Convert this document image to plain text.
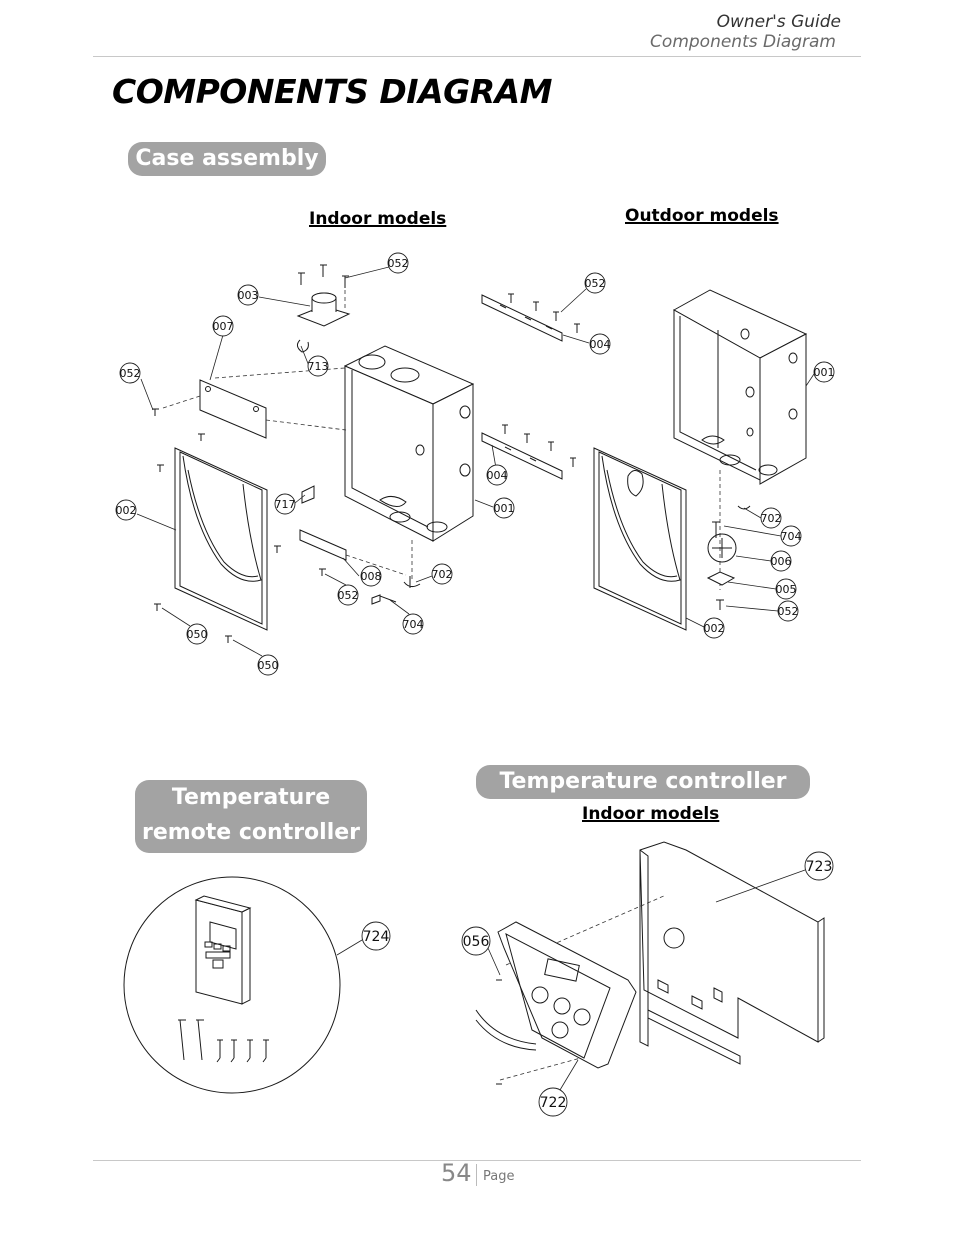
Owner's Guide
Components Diagram
COMPONENTS DIAGRAM
Case assembly
Indoor models	Outdoor models
Temperature
remote controller
Temperature controller
Indoor models
052
003
007
052
713
002	717	001
004
702
008
052
704
050
050
052
004
001
702
704
006
005
052
002
724
723
056
722
54 Page
